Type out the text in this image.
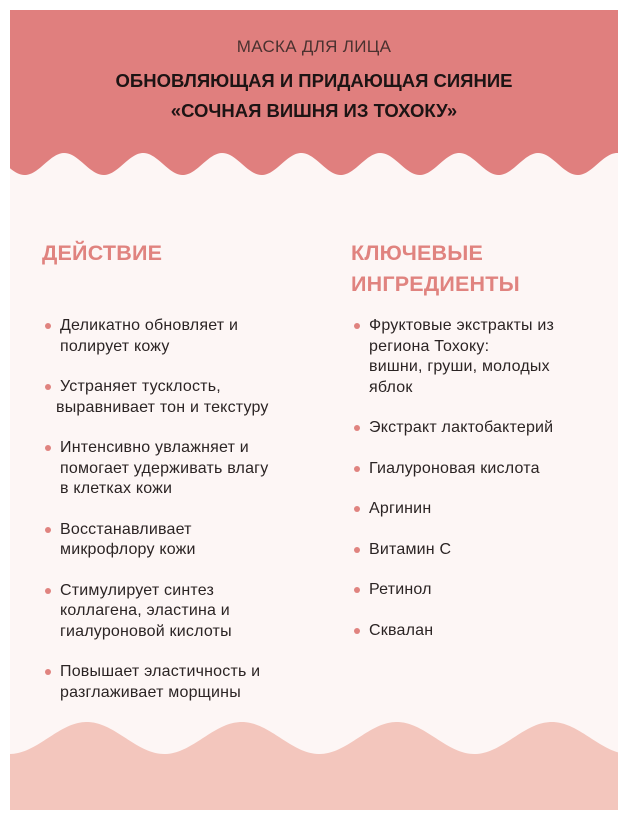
МАСКА ДЛЯ ЛИЦА
ОБНОВЛЯЮЩАЯ И ПРИДАЮЩАЯ СИЯНИЕ
«СОЧНАЯ ВИШНЯ ИЗ ТОХОКУ»
ДЕЙСТВИЕ
Деликатно обновляет и
полирует кожу
Устраняет тусклость,
выравнивает тон и текстуру
Интенсивно увлажняет и
помогает удерживать влагу
в клетках кожи
Восстанавливает
микрофлору кожи
Стимулирует синтез
коллагена, эластина и
гиалуроновой кислоты
Повышает эластичность и
разглаживает морщины
КЛЮЧЕВЫЕ
ИНГРЕДИЕНТЫ
Фруктовые экстракты из
региона Тохоку:
вишни, груши, молодых
яблок
Экстракт лактобактерий
Гиалуроновая кислота
Аргинин
Витамин С
Ретинол
Сквалан
